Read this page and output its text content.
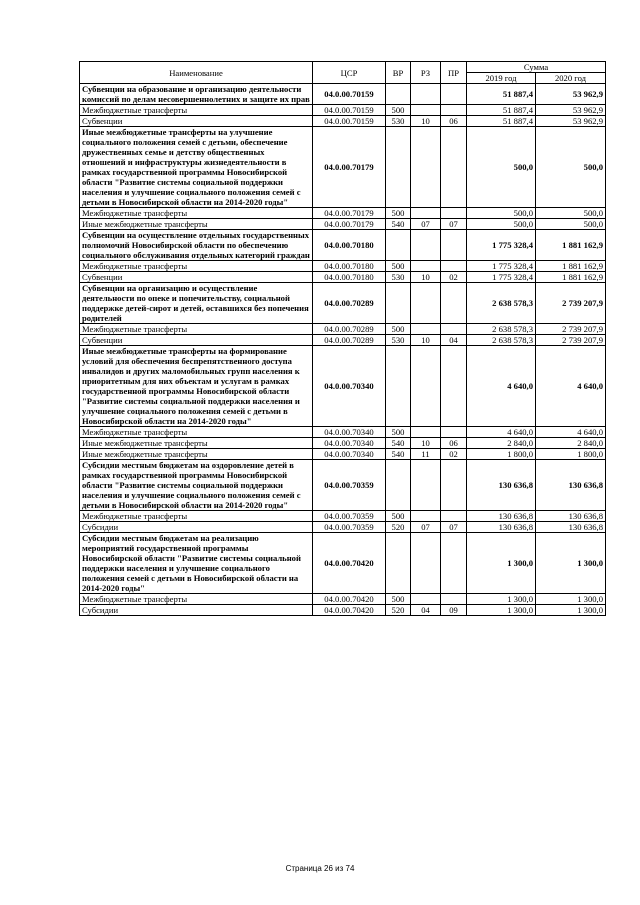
Наименование	ЦСР	ВР	РЗ	ПР	Сумма	
					2019 год	2020 год
Субвенции на образование и организацию деятельности комиссий по делам несовершеннолетних и защите их прав	04.0.00.70159				51 887,4	53 962,9
Межбюджетные трансферты	04.0.00.70159	500			51 887,4	53 962,9
Субвенции	04.0.00.70159	530	10	06	51 887,4	53 962,9
Иные межбюджетные трансферты на улучшение социального положения семей с детьми, обеспечение дружественных семье и детству общественных отношений и инфраструктуры жизнедеятельности в рамках государственной программы Новосибирской области "Развитие системы социальной поддержки населения и улучшение социального положения семей с детьми в Новосибирской области на 2014-2020 годы"	04.0.00.70179				500,0	500,0
Межбюджетные трансферты	04.0.00.70179	500			500,0	500,0
Иные межбюджетные трансферты	04.0.00.70179	540	07	07	500,0	500,0
Субвенции на осуществление отдельных государственных полномочий Новосибирской области по обеспечению социального обслуживания отдельных категорий граждан	04.0.00.70180				1 775 328,4	1 881 162,9
Межбюджетные трансферты	04.0.00.70180	500			1 775 328,4	1 881 162,9
Субвенции	04.0.00.70180	530	10	02	1 775 328,4	1 881 162,9
Субвенции на организацию и осуществление деятельности по опеке и попечительству, социальной поддержке детей-сирот и детей, оставшихся без попечения родителей	04.0.00.70289				2 638 578,3	2 739 207,9
Межбюджетные трансферты	04.0.00.70289	500			2 638 578,3	2 739 207,9
Субвенции	04.0.00.70289	530	10	04	2 638 578,3	2 739 207,9
Иные межбюджетные трансферты на формирование условий для обеспечения беспрепятственного доступа инвалидов и других маломобильных групп населения к приоритетным для них объектам и услугам в рамках государственной программы Новосибирской области "Развитие системы социальной поддержки населения и улучшение социального положения семей с детьми в Новосибирской области на 2014-2020 годы"	04.0.00.70340				4 640,0	4 640,0
Межбюджетные трансферты	04.0.00.70340	500			4 640,0	4 640,0
Иные межбюджетные трансферты	04.0.00.70340	540	10	06	2 840,0	2 840,0
Иные межбюджетные трансферты	04.0.00.70340	540	11	02	1 800,0	1 800,0
Субсидии местным бюджетам на оздоровление детей в рамках государственной программы Новосибирской области "Развитие системы социальной поддержки населения и улучшение социального положения семей с детьми в Новосибирской области на 2014-2020 годы"	04.0.00.70359				130 636,8	130 636,8
Межбюджетные трансферты	04.0.00.70359	500			130 636,8	130 636,8
Субсидии	04.0.00.70359	520	07	07	130 636,8	130 636,8
Субсидии местным бюджетам на реализацию мероприятий государственной программы Новосибирской области "Развитие системы социальной поддержки населения и улучшение социального положения семей с детьми в Новосибирской области на 2014-2020 годы"	04.0.00.70420				1 300,0	1 300,0
Межбюджетные трансферты	04.0.00.70420	500			1 300,0	1 300,0
Субсидии	04.0.00.70420	520	04	09	1 300,0	1 300,0
Страница 26 из 74
